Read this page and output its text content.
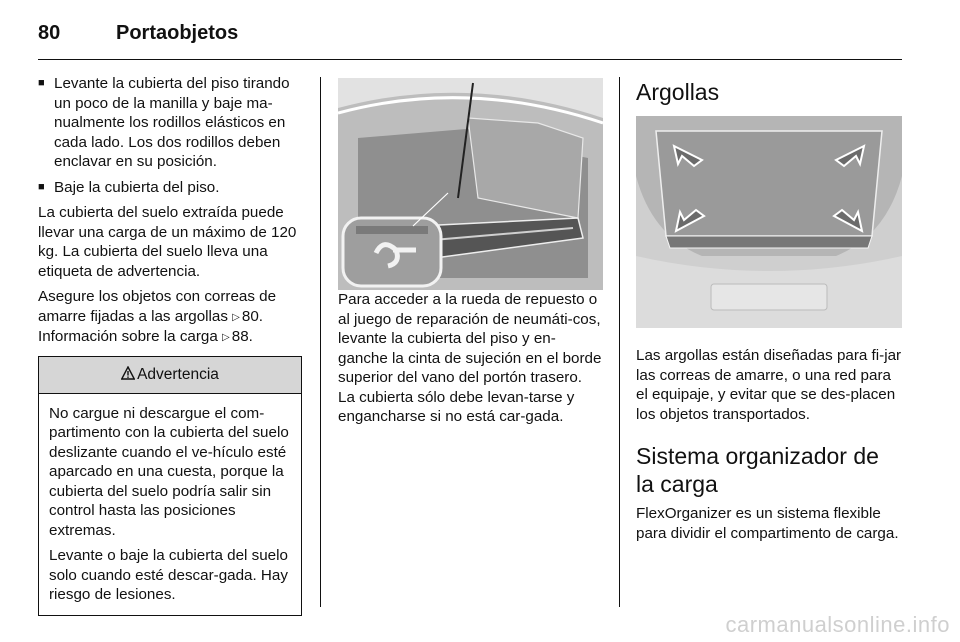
80	Portaobjetos
■ Levante la cubierta del piso tirando un poco de la manilla y baje ma-nualmente los rodillos elásticos en cada lado. Los dos rodillos deben enclavar en su posición.
■ Baje la cubierta del piso.

La cubierta del suelo extraída puede llevar una carga de un máximo de 120 kg. La cubierta del suelo lleva una etiqueta de advertencia.

Asegure los objetos con correas de amarre fijadas a las argollas ▷ 80. Información sobre la carga ▷ 88.

Advertencia

No cargue ni descargue el com-partimento con la cubierta del suelo deslizante cuando el ve-hículo esté aparcado en una cuesta, porque la cubierta del suelo podría salir sin control hasta las posiciones extremas.

Levante o baje la cubierta del suelo solo cuando esté descar-gada. Hay riesgo de lesiones.

Para acceder a la rueda de repuesto o al juego de reparación de neumáti-cos, levante la cubierta del piso y en-ganche la cinta de sujeción en el borde superior del vano del portón trasero. La cubierta sólo debe levan-tarse y engancharse si no está car-gada.

Argollas

Las argollas están diseñadas para fi-jar las correas de amarre, o una red para el equipaje, y evitar que se des-placen los objetos transportados.

Sistema organizador de la carga

FlexOrganizer es un sistema flexible para dividir el compartimento de carga.

carmanualsonline.info
